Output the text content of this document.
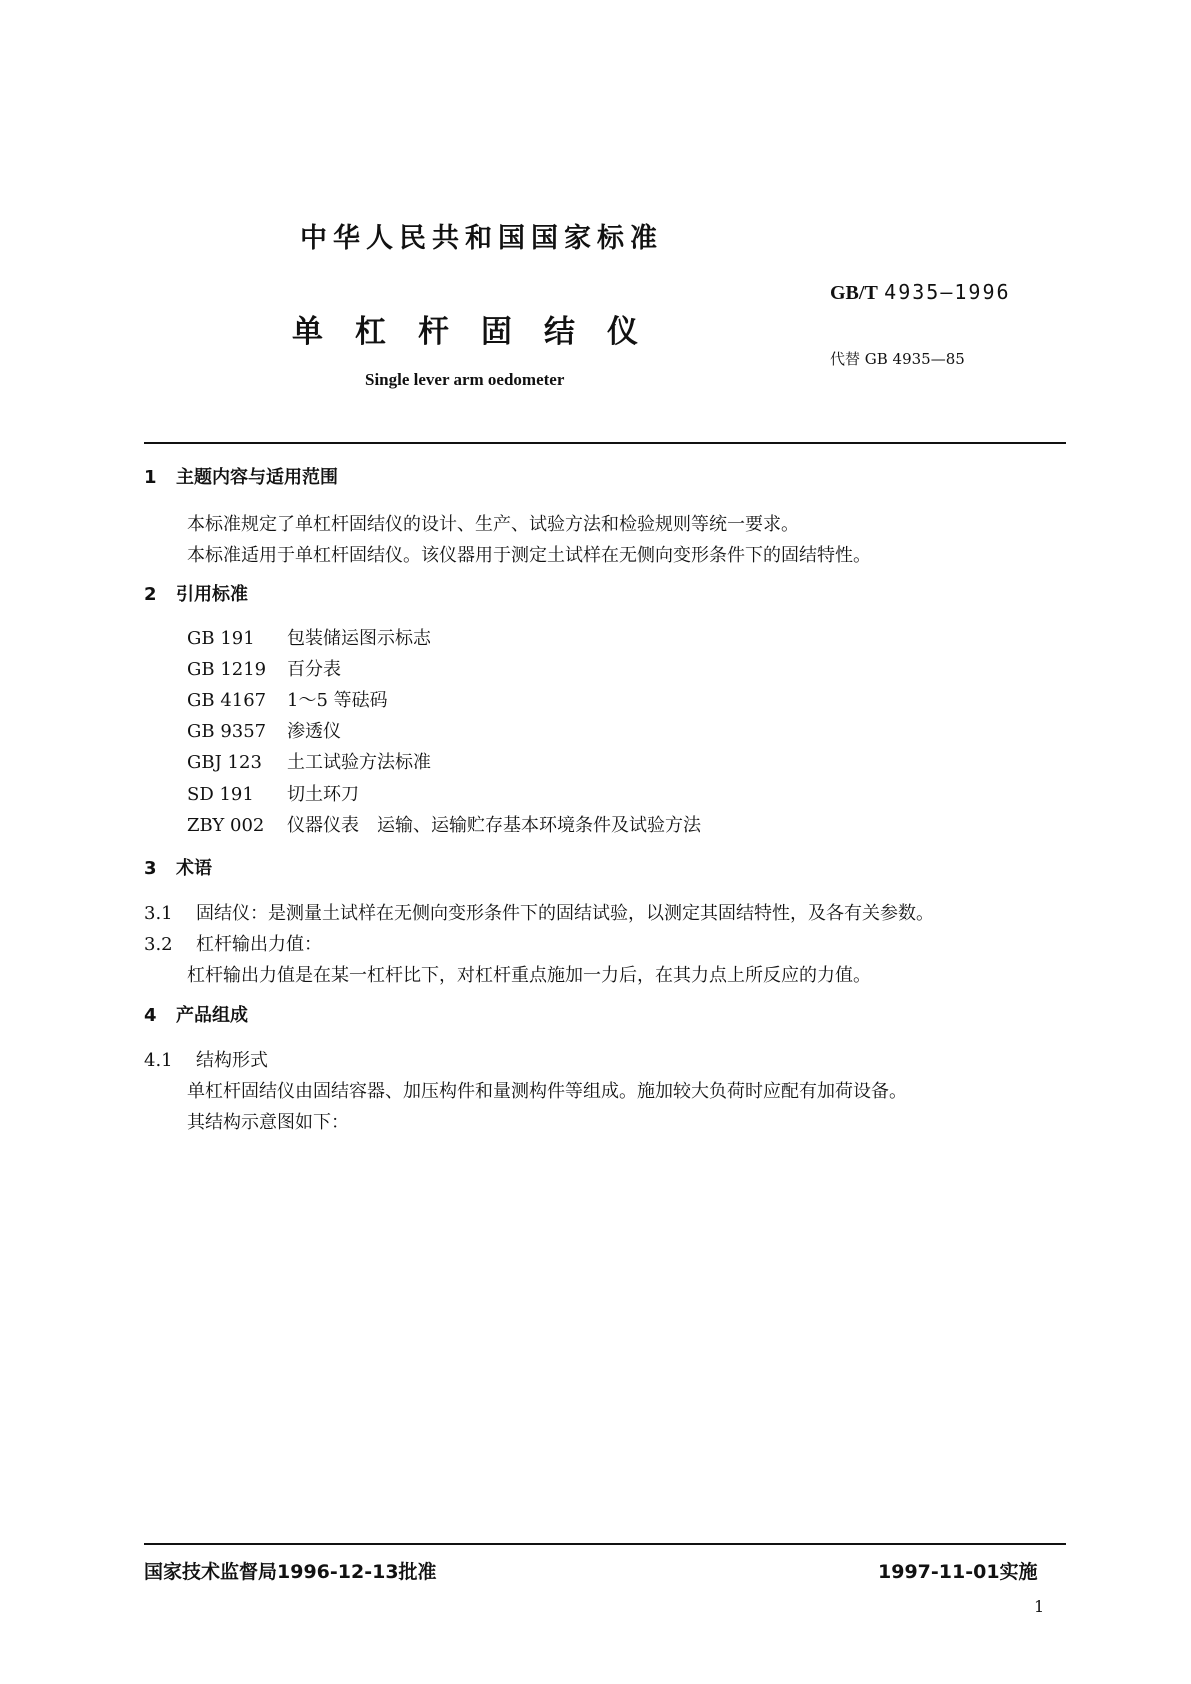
中华人民共和国国家标准
GB/T 4935—1996
单杠杆固结仪
代替 GB 4935—85
Single lever arm oedometer
1 主题内容与适用范围
本标准规定了单杠杆固结仪的设计、生产、试验方法和检验规则等统一要求。
本标准适用于单杠杆固结仪。该仪器用于测定土试样在无侧向变形条件下的固结特性。
2 引用标准
GB 191 包装储运图示标志
GB 1219 百分表
GB 4167 1～5 等砝码
GB 9357 渗透仪
GBJ 123 土工试验方法标准
SD 191 切土环刀
ZBY 002 仪器仪表　运输、运输贮存基本环境条件及试验方法
3 术语
3.1 固结仪：是测量土试样在无侧向变形条件下的固结试验，以测定其固结特性，及各有关参数。
3.2 杠杆输出力值：
杠杆输出力值是在某一杠杆比下，对杠杆重点施加一力后，在其力点上所反应的力值。
4 产品组成
4.1 结构形式
单杠杆固结仪由固结容器、加压构件和量测构件等组成。施加较大负荷时应配有加荷设备。
其结构示意图如下：
国家技术监督局1996-12-13批准	1997-11-01实施
1
